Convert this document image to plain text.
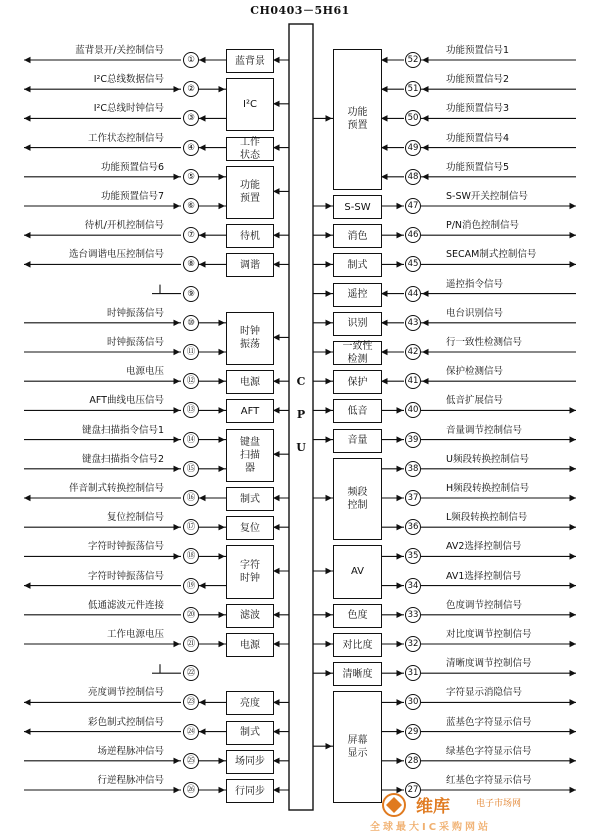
CH0403－5H61
C
P
U
蓝背景
I²C
工作
状态
功能
预置
待机
调谐
时钟
振荡
电源
AFT
键盘
扫描
器
制式
复位
字符
时钟
滤波
电源
亮度
制式
场同步
行同步
功能
预置
S-SW
消色
制式
遥控
识别
一致性
检测
保护
低音
音量
频段
控制
AV
色度
对比度
清晰度
屏幕
显示
①
蓝背景开/关控制信号
②
I²C总线数据信号
③
I²C总线时钟信号
④
工作状态控制信号
⑤
功能预置信号6
⑥
功能预置信号7
⑦
待机/开机控制信号
⑧
选台调谐电压控制信号
⑨
⑩
时钟振荡信号
⑪
时钟振荡信号
⑫
电源电压
⑬
AFT曲线电压信号
⑭
键盘扫描指令信号1
⑮
键盘扫描指令信号2
⑯
伴音制式转换控制信号
⑰
复位控制信号
⑱
字符时钟振荡信号
⑲
字符时钟振荡信号
⑳
低通滤波元件连接
㉑
工作电源电压
㉒
㉓
亮度调节控制信号
㉔
彩色制式控制信号
㉕
场逆程脉冲信号
㉖
行逆程脉冲信号
52
功能预置信号1
51
功能预置信号2
50
功能预置信号3
49
功能预置信号4
48
功能预置信号5
47
S-SW开关控制信号
46
P/N消色控制信号
45
SECAM制式控制信号
44
遥控指令信号
43
电台识别信号
42
行一致性检测信号
41
保护检测信号
40
低音扩展信号
39
音量调节控制信号
38
U频段转换控制信号
37
H频段转换控制信号
36
L频段转换控制信号
35
AV2选择控制信号
34
AV1选择控制信号
33
色度调节控制信号
32
对比度调节控制信号
31
清晰度调节控制信号
30
字符显示消隐信号
29
蓝基色字符显示信号
28
绿基色字符显示信号
27
红基色字符显示信号
维库	电子市场网
全球最大IC采购网站
